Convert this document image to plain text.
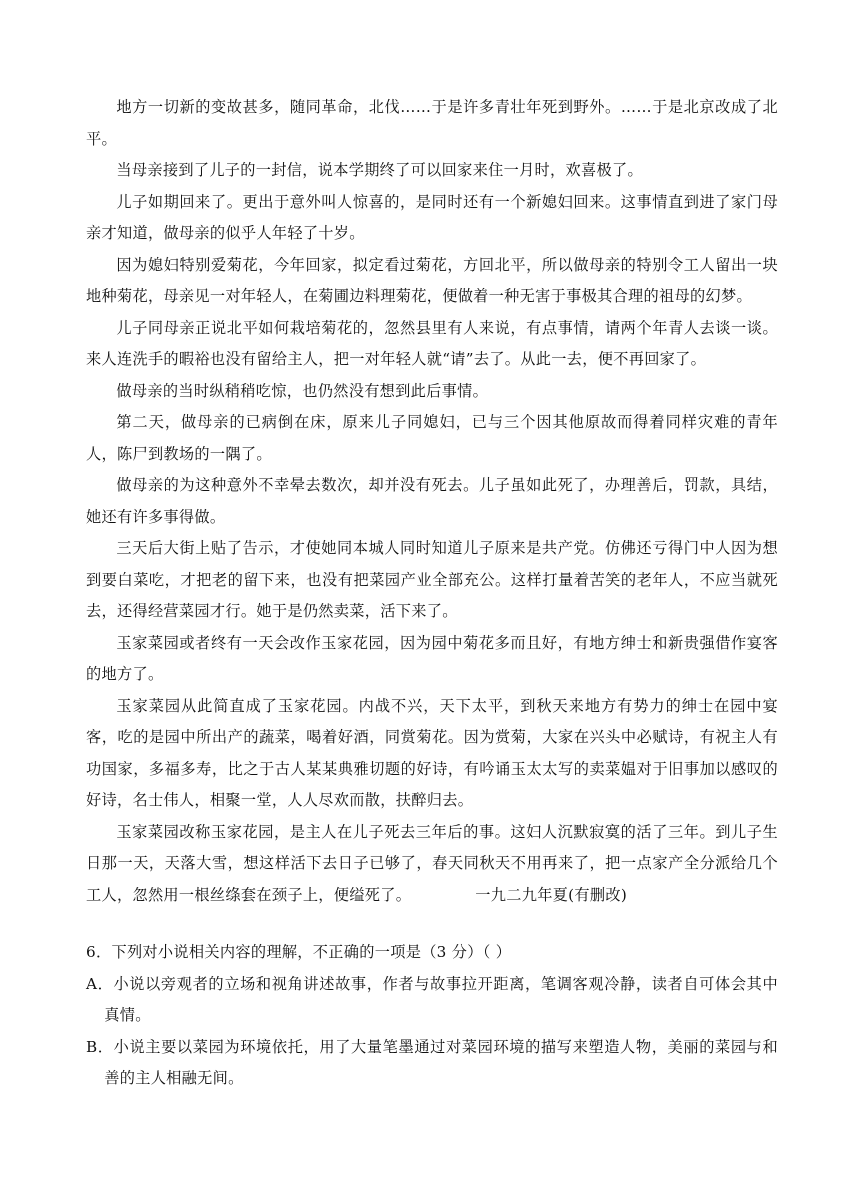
地方一切新的变故甚多，随同革命，北伐……于是许多青壮年死到野外。……于是北京改成了北平。

当母亲接到了儿子的一封信，说本学期终了可以回家来住一月时，欢喜极了。

儿子如期回来了。更出于意外叫人惊喜的，是同时还有一个新媳妇回来。这事情直到进了家门母亲才知道，做母亲的似乎人年轻了十岁。

因为媳妇特别爱菊花，今年回家，拟定看过菊花，方回北平，所以做母亲的特别令工人留出一块地种菊花，母亲见一对年轻人，在菊圃边料理菊花，便做着一种无害于事极其合理的祖母的幻梦。

儿子同母亲正说北平如何栽培菊花的，忽然县里有人来说，有点事情，请两个年青人去谈一谈。来人连洗手的暇裕也没有留给主人，把一对年轻人就“请”去了。从此一去，便不再回家了。

做母亲的当时纵稍稍吃惊，也仍然没有想到此后事情。

第二天，做母亲的已病倒在床，原来儿子同媳妇，已与三个因其他原故而得着同样灾难的青年人，陈尸到教场的一隅了。

做母亲的为这种意外不幸晕去数次，却并没有死去。儿子虽如此死了，办理善后，罚款，具结，她还有许多事得做。

三天后大街上贴了告示，才使她同本城人同时知道儿子原来是共产党。仿佛还亏得门中人因为想到要白菜吃，才把老的留下来，也没有把菜园产业全部充公。这样打量着苦笑的老年人，不应当就死去，还得经营菜园才行。她于是仍然卖菜，活下来了。

玉家菜园或者终有一天会改作玉家花园，因为园中菊花多而且好，有地方绅士和新贵强借作宴客的地方了。

玉家菜园从此简直成了玉家花园。内战不兴，天下太平，到秋天来地方有势力的绅士在园中宴客，吃的是园中所出产的蔬菜，喝着好酒，同赏菊花。因为赏菊，大家在兴头中必赋诗，有祝主人有功国家，多福多寿，比之于古人某某典雅切题的好诗，有吟诵玉太太写的卖菜媪对于旧事加以感叹的好诗，名士伟人，相聚一堂，人人尽欢而散，扶醉归去。

玉家菜园改称玉家花园，是主人在儿子死去三年后的事。这妇人沉默寂寞的活了三年。到儿子生日那一天，天落大雪，想这样活下去日子已够了，春天同秋天不用再来了，把一点家产全分派给几个工人，忽然用一根丝绦套在颈子上，便缢死了。	一九二九年夏(有删改)

6．下列对小说相关内容的理解，不正确的一项是（3 分）（ ）

A．小说以旁观者的立场和视角讲述故事，作者与故事拉开距离，笔调客观冷静，读者自可体会其中真情。

B．小说主要以菜园为环境依托，用了大量笔墨通过对菜园环境的描写来塑造人物，美丽的菜园与和善的主人相融无间。
